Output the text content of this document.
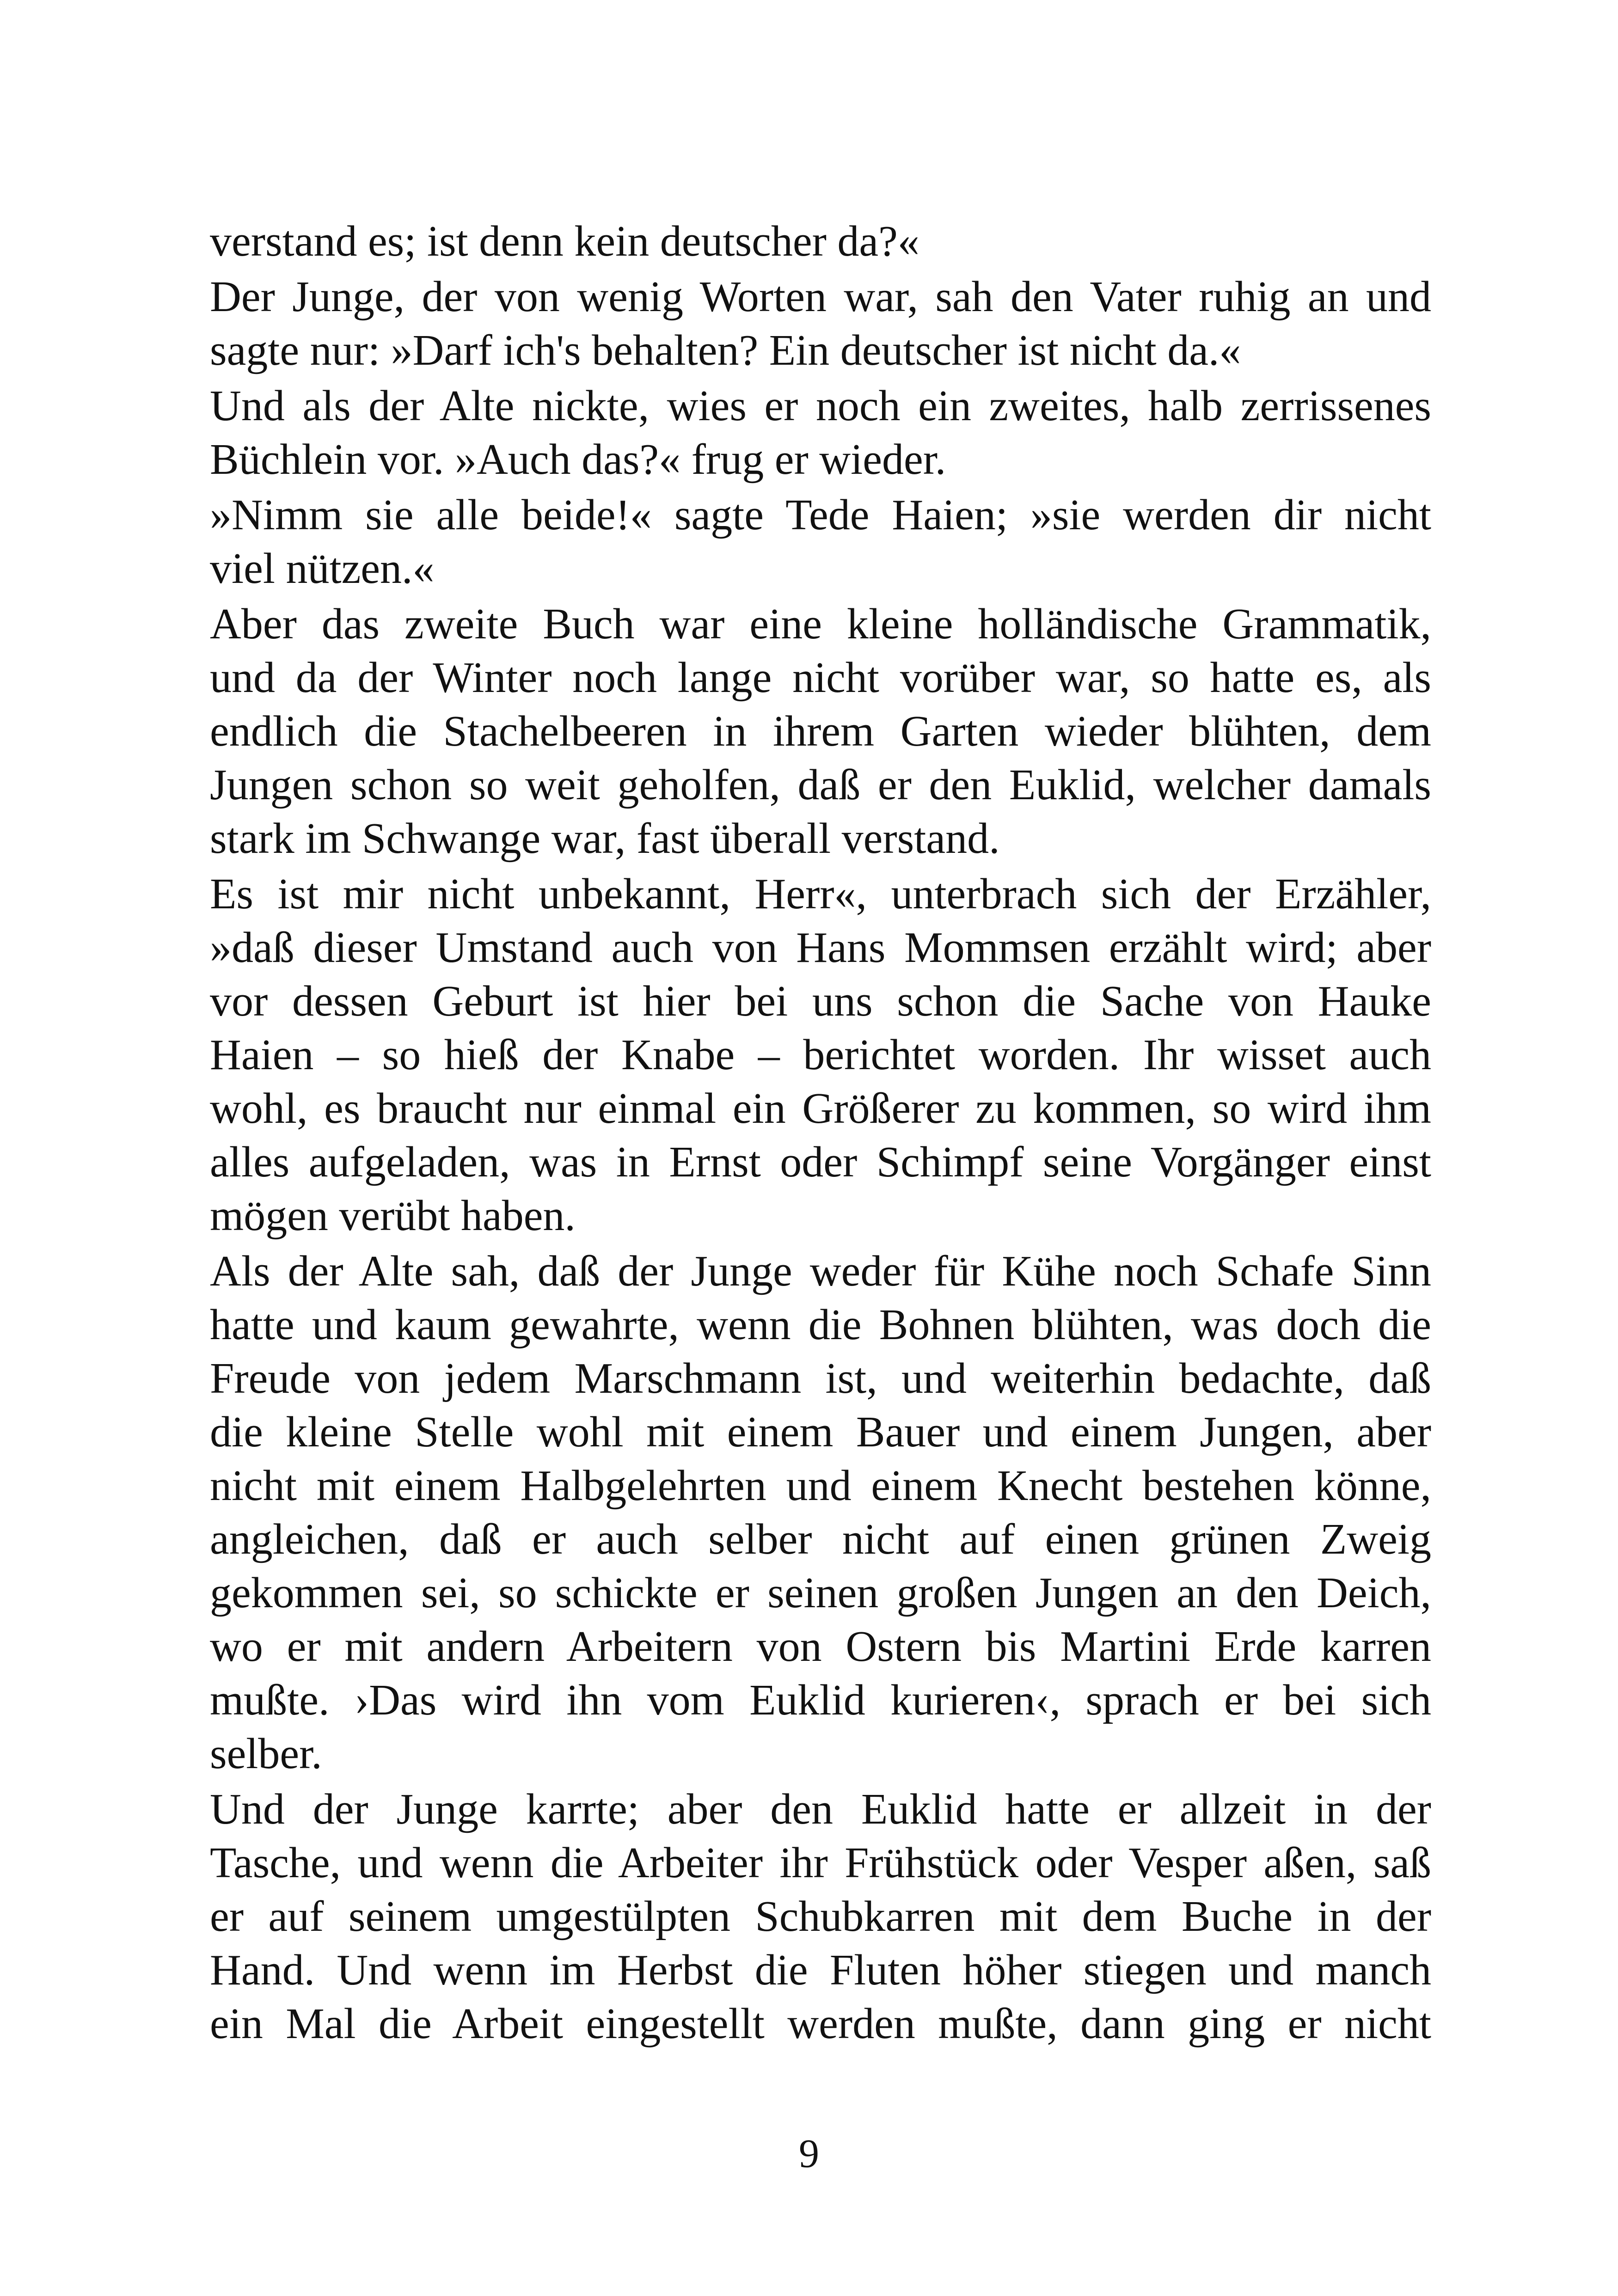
verstand es; ist denn kein deutscher da?«

Der Junge, der von wenig Worten war, sah den Vater ruhig an und
sagte nur: »Darf ich's behalten? Ein deutscher ist nicht da.«

Und als der Alte nickte, wies er noch ein zweites, halb zerrissenes
Büchlein vor. »Auch das?« frug er wieder.

»Nimm sie alle beide!« sagte Tede Haien; »sie werden dir nicht
viel nützen.«

Aber das zweite Buch war eine kleine holländische Grammatik,
und da der Winter noch lange nicht vorüber war, so hatte es, als
endlich die Stachelbeeren in ihrem Garten wieder blühten, dem
Jungen schon so weit geholfen, daß er den Euklid, welcher damals
stark im Schwange war, fast überall verstand.

Es ist mir nicht unbekannt, Herr«, unterbrach sich der Erzähler,
»daß dieser Umstand auch von Hans Mommsen erzählt wird; aber
vor dessen Geburt ist hier bei uns schon die Sache von Hauke
Haien – so hieß der Knabe – berichtet worden. Ihr wisset auch
wohl, es braucht nur einmal ein Größerer zu kommen, so wird ihm
alles aufgeladen, was in Ernst oder Schimpf seine Vorgänger einst
mögen verübt haben.

Als der Alte sah, daß der Junge weder für Kühe noch Schafe Sinn
hatte und kaum gewahrte, wenn die Bohnen blühten, was doch die
Freude von jedem Marschmann ist, und weiterhin bedachte, daß
die kleine Stelle wohl mit einem Bauer und einem Jungen, aber
nicht mit einem Halbgelehrten und einem Knecht bestehen könne,
angleichen, daß er auch selber nicht auf einen grünen Zweig
gekommen sei, so schickte er seinen großen Jungen an den Deich,
wo er mit andern Arbeitern von Ostern bis Martini Erde karren
mußte. ›Das wird ihn vom Euklid kurieren‹, sprach er bei sich
selber.

Und der Junge karrte; aber den Euklid hatte er allzeit in der
Tasche, und wenn die Arbeiter ihr Frühstück oder Vesper aßen, saß
er auf seinem umgestülpten Schubkarren mit dem Buche in der
Hand. Und wenn im Herbst die Fluten höher stiegen und manch
ein Mal die Arbeit eingestellt werden mußte, dann ging er nicht

9
